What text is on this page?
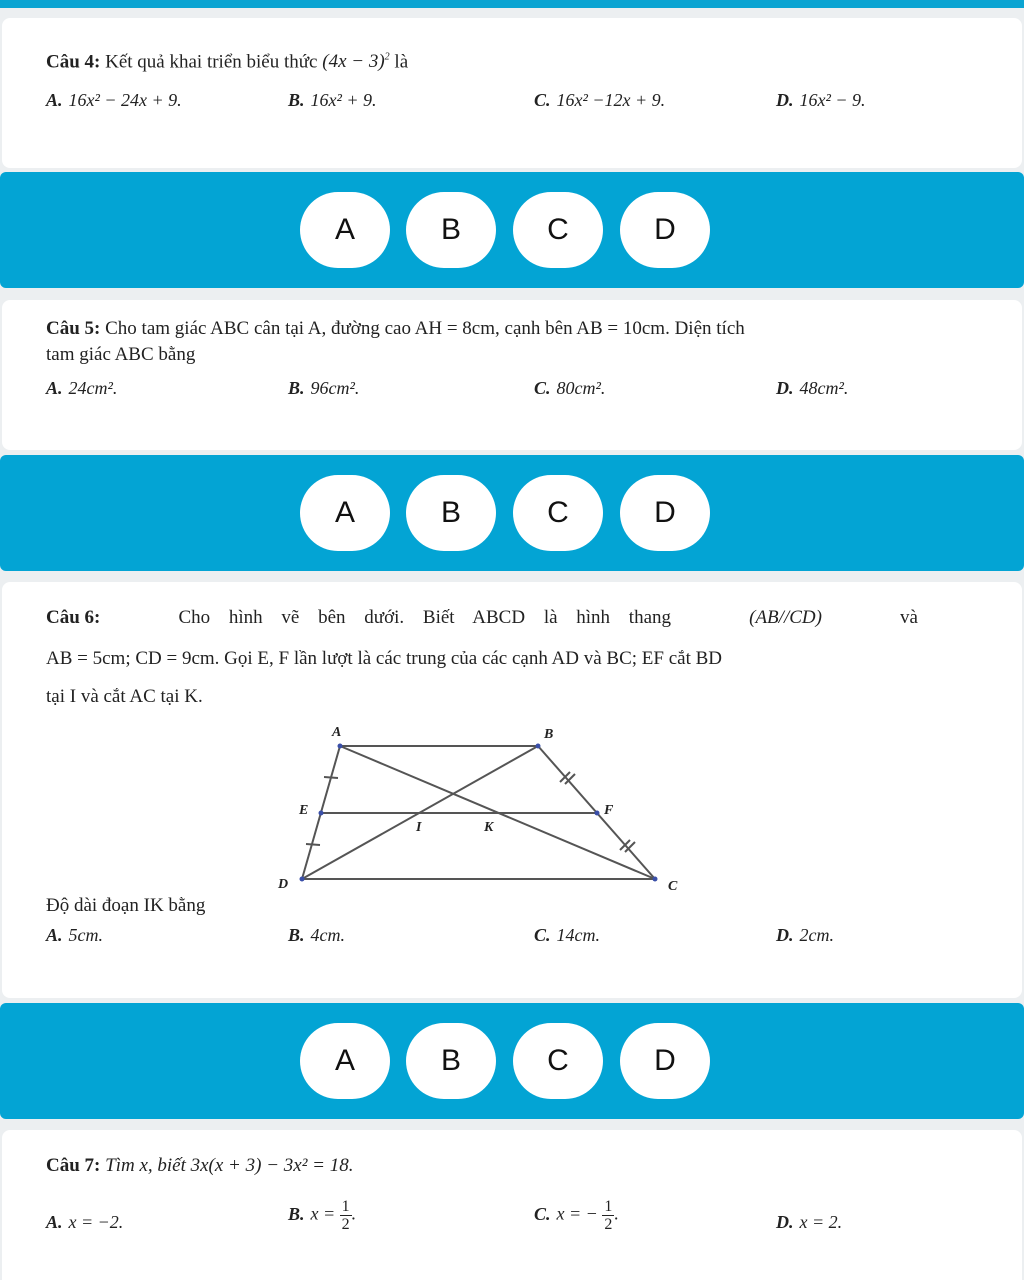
Câu 4: Kết quả khai triển biểu thức $(4x - 3)^2$ là
A. 16x² − 24x + 9.	B. 16x² + 9.	C. 16x² −12x + 9.	D. 16x² − 9.
A	B	C	D
Câu 5: Cho tam giác ABC cân tại A, đường cao AH = 8cm, cạnh bên AB = 10cm. Diện tích
tam giác ABC bằng
A. 24cm².	B. 96cm².	C. 80cm².	D. 48cm².
A	B	C	D
Câu 6:	Cho hình vẽ bên dưới. Biết ABCD là hình thang	(AB//CD)	và
AB = 5cm; CD = 9cm. Gọi E, F lần lượt là các trung của các cạnh AD và BC; EF cắt BD
tại I và cắt AC tại K.
A	B
C
D
E	F
I	K
Độ dài đoạn IK bằng
A. 5cm.	B. 4cm.	C. 14cm.	D. 2cm.
A	B	C	D
Câu 7: Tìm x, biết 3x(x + 3) − 3x² = 18.
A. x = −2.	B. $x = \frac{1}{2}$ .	C. x = − $\frac{1}{2}$ .	D. x = 2.
